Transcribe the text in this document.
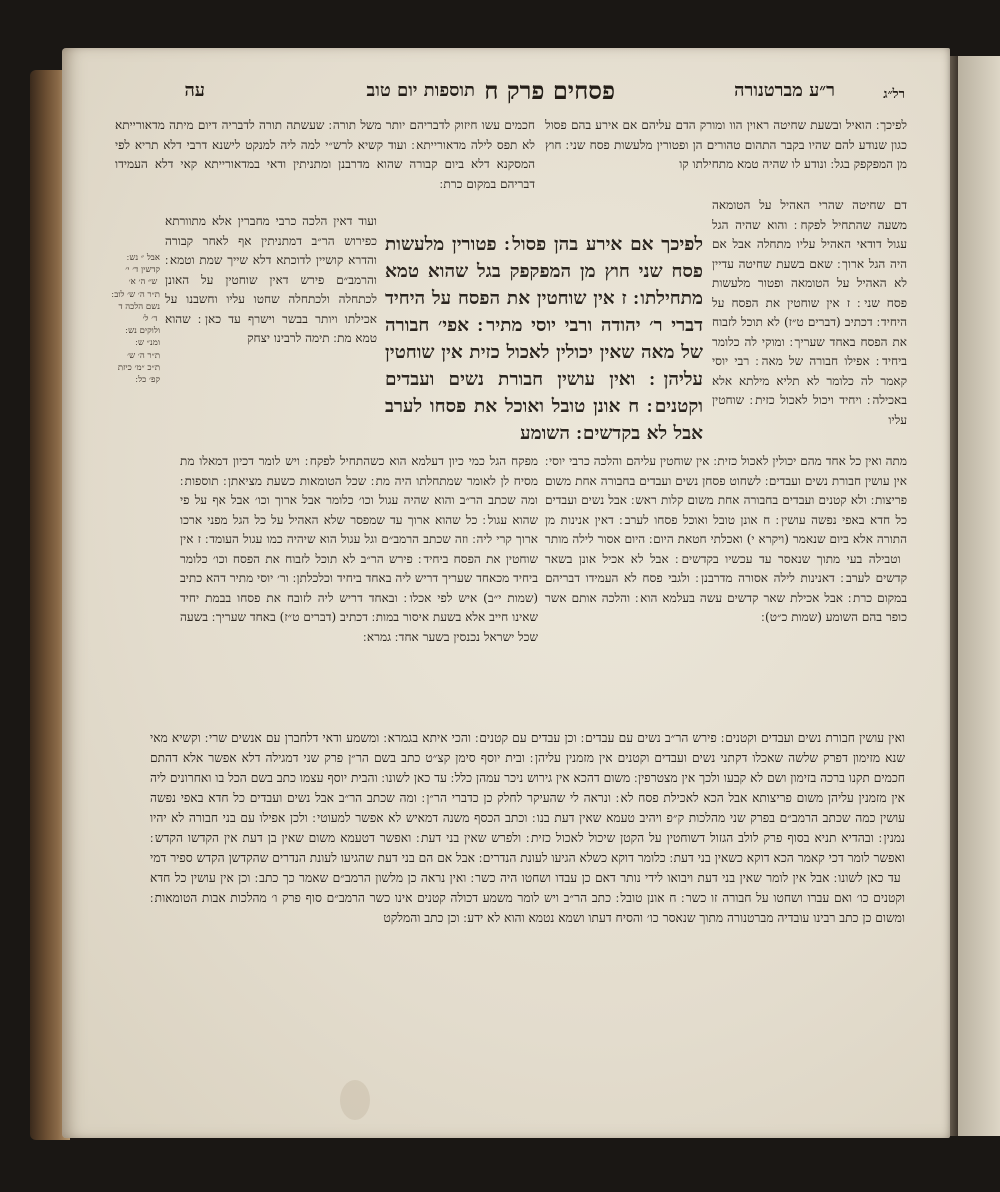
רל״ג
ר״ע מברטנורה
פסחים פרק ח
תוספות יום טוב
עה

לפיכך ׃ הואיל ובשעת שחיטה ראוין הוו ומורק הדם עליהם אם אירע בהם פסול כגון שנודע להם שהיו בקבר התהום טהורים הן ופטורין מלעשות פסח שני ׃ חוץ מן המפקפק בגל ׃ ונודע לו שהיה טמא מתחילתו קו

דם שחיטה שהרי האהיל על הטומאה משעה שהתחיל לפקח ׃ והוא שהיה הגל עגול דודאי האהיל עליו מתחלה אבל אם היה הגל ארוך ׃ שאם בשעת שחיטה עדיין לא האהיל על הטומאה ופטור מלעשות פסח שני ׃ ז אין שוחטין את הפסח על היחיד ׃ דכתיב (דברים ט״ז) לא תוכל לזבוח את הפסח באחד שעריך ׃ ומוקי לה כלומר ביחיד ׃ אפילו חבורה של מאה ׃ רבי יוסי קאמר לה כלומר לא תליא מילתא אלא באכילה ׃ ויחיד ויכול לאכול כזית ׃ שוחטין עליו

חכמים עשו חיזוק לדבריהם יותר משל תורה ׃ שעשתה תורה לדבריה דיום מיתה מדאורייתא לא תפס לילה מדאורייתא ׃ ועוד קשיא לרש״י למה ליה למנקט לישנא דרבי דלא תריא לפי המסקנא דלא ביום קבורה שהוא מדרבנן ומתניתין ודאי במדאורייתא קאי דלא העמידו דבריהם במקום כרת ׃

ועוד דאין הלכה כרבי מחברין אלא מתוורתא כפירוש הר״ב דמתניתין אף לאחר קבורה והדרא קושיין לדוכתא דלא שייך שמת וטמא ׃ והרמב״ם פירש דאין שוחטין על האונן לכתחלה ולכתחלה שחטו עליו וחשבנו על אכילתו ויותר בבשר וישרף עד כאן ׃ שהוא טמא מת ׃ תימה לרבינו יצחק

אבל ״ נש ׃
קדשין ד׳ י׳
׃ ש״ ה׳ א׳
ת״ר ה׳ ש׳ לוב ׃
נשם הלכה ד
׃ ד׳ ל׳
ולוקים נש ׃
ומנ״ ש ׃
ת״ר ה׳ ש׳
ת״כ ״מ׳ כיזת
קפ׳ כל ׃

לפיכך אם אירע בהן פסול ׃ פטורין מלעשות פסח שני חוץ מן המפקפק בגל שהוא טמא מתחילתו ׃ ז אין שוחטין את הפסח על היחיד דברי ר׳ יהודה ורבי יוסי מתיר ׃ אפי׳ חבורה של מאה שאין יכולין לאכול כזית אין שוחטין עליהן ׃ ואין עושין חבורת נשים ועבדים וקטנים ׃ ח אונן טובל ואוכל את פסחו לערב אבל לא בקדשים ׃ השומע

מתה ואין כל אחד מהם יכולין לאכול כזית ׃ אין שוחטין עליהם והלכה כרבי יוסי ׃ אין עושין חבורת נשים ועבדים ׃ לשחוט פסחן נשים ועבדים בחבורה אחת משום פריצות ׃ ולא קטנים ועבדים בחבורה אחת משום קלות ראש ׃ אבל נשים ועבדים כל חדא באפי נפשה עושין ׃ ח אונן טובל ואוכל פסחו לערב ׃ דאין אנינות מן התורה אלא ביום שנאמר (ויקרא י) ואכלתי חטאת היום ׃ היום אסור לילה מותר ׃ וטבילה בעי מתוך שנאסר עד עכשיו בקדשים ׃ אבל לא אכיל אונן בשאר קדשים לערב ׃ דאנינות לילה אסורה מדרבנן ׃ ולגבי פסח לא העמידו דבריהם במקום כרת ׃ אבל אכילת שאר קדשים עשה בעלמא הוא ׃ והלכה אותם אשר כופר בהם השומע (שמות כ״ט) ׃

מפקח הגל כמי כיון דעלמא הוא כשהתחיל לפקח ׃ ויש לומר דכיון דמאלו מת מסיח לן לאומר שמתחלתו היה מת ׃ שכל הטומאות כשעת מציאתן ׃ תוספות ׃ ומה שכתב הר״ב והוא שהיה עגול וכו׳ כלומר אבל ארוך וכו׳ אבל אף על פי שהוא עגול ׃ כל שהוא ארוך עד שמפסר שלא האהיל על כל הגל מפני ארכו ארוך קרי ליה ׃ וזה שכתב הרמב״ם וגל עגול הוא שיהיה כמו עגול העומד ׃ ז אין שוחטין את הפסח ביחיד ׃ פירש הר״ב לא תוכל לזבוח את הפסח וכו׳ כלומר ביחיד מכאחד שעריך דריש ליה באחד ביחיד וכלכלתן ׃ ור׳ יוסי מתיר דהא כתיב (שמות י״ב) איש לפי אכלו ׃ ובאחד דריש ליה לזובח את פסחו בבמת יחיד שאינו חייב אלא בשעת איסור במות ׃ דכתיב (דברים ט״ז) באחד שעריך ׃ בשעה שכל ישראל נכנסין בשער אחד ׃ גמרא ׃

ואין עושין חבורת נשים ועבדים וקטנים ׃ פירש הר״ב נשים עם עבדים ׃ וכן עבדים עם קטנים ׃ והכי איתא בגמרא ׃ ומשמע ודאי דלחברן עם אנשים שרי ׃ וקשיא מאי שנא מזימון דפרק שלשה שאכלו דקתני נשים ועבדים וקטנים אין מזמנין עליהן ׃ ובית יוסף סימן קצ״ט כתב בשם הר״ן פרק שני דמגילה דלא אפשר אלא דהתם חכמים תקנו ברכה בזימון ושם לא קבעו ולכך אין מצטרפין ׃ משום דהכא אין גירוש ניכר עמהן כלל ׃ עד כאן לשונו ׃ והבית יוסף עצמו כתב בשם הכל בו ואחרונים ליה אין מזמנין עליהן משום פריצותא אבל הכא לאכילת פסח לא ׃ ונראה לי שהעיקר לחלק כן כדברי הר״ן ׃ ומה שכתב הר״ב אבל נשים ועבדים כל חדא באפי נפשה עושין כמה שכתב הרמב״ם בפרק שני מהלכות ק״פ ויהיב טעמא שאין דעת בנו ׃ וכתב הכסף משנה דמאיש לא אפשר למעוטי ׃ ולכן אפילו עם בני חבורה לא יהיו נמנין ׃ ובהדיא תניא בסוף פרק לולב הגזול דשוחטין על הקטן שיכול לאכול כזית ׃ ולפרש שאין בני דעת ׃ ואפשר דטעמא משום שאין בן דעת אין הקדשו הקדש ׃ ואפשר לומר דכי קאמר הכא דוקא כשאין בני דעת ׃ כלומר דוקא כשלא הגיעו לעונת הנדרים ׃ אבל אם הם בני דעת שהגיעו לעונת הנדרים שהקדשן הקדש ספיר דמי ׃ עד כאן לשונו ׃ אבל אין לומר שאין בני דעת ויבואו לידי נותר דאם כן עבדו ושחטו היה כשר ׃ ואין נראה כן מלשון הרמב״ם שאמר כך כתב ׃ וכן אין עושין כל חדא וקטנים כו׳ ואם עברו ושחטו על חבורה זו כשר ׃ ח אונן טובל ׃ כתב הר״ב ויש לומר משמע דכולה קטנים אינו כשר הרמב״ם סוף פרק ו׳ מהלכות אבות הטומאות ׃ ומשום כן כתב רבינו עובדיה מברטנורה מתוך שנאסר כו׳ והסיח דעתו ושמא נטמא והוא לא ידע ׃ וכן כתב והמלקט
